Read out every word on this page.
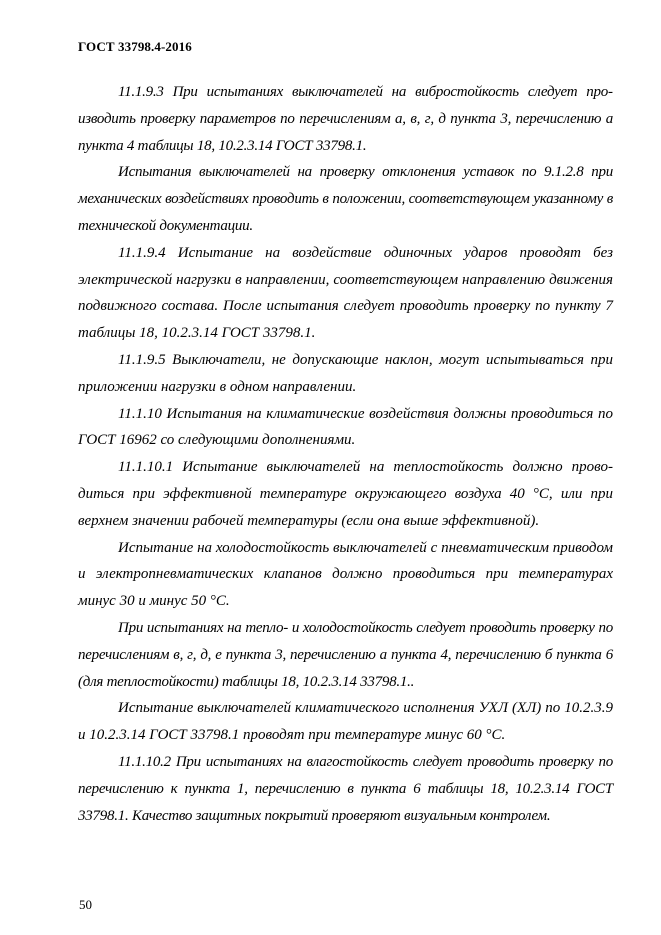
ГОСТ 33798.4-2016

11.1.9.3 При испытаниях выключателей на вибростойкость следует производить проверку параметров по перечислениям а, в, г, д пункта 3, перечислению а пункта 4 таблицы 18, 10.2.3.14 ГОСТ 33798.1.

Испытания выключателей на проверку отклонения уставок по 9.1.2.8 при механических воздействиях проводить в положении, соответствующем указанному в технической документации.

11.1.9.4 Испытание на воздействие одиночных ударов проводят без электрической нагрузки в направлении, соответствующем направлению движения подвижного состава. После испытания следует проводить проверку по пункту 7 таблицы 18, 10.2.3.14 ГОСТ 33798.1.

11.1.9.5 Выключатели, не допускающие наклон, могут испытываться при приложении нагрузки в одном направлении.

11.1.10 Испытания на климатические воздействия должны проводиться по ГОСТ 16962 со следующими дополнениями.

11.1.10.1 Испытание выключателей на теплостойкость должно проводиться при эффективной температуре окружающего воздуха 40 °С, или при верхнем значении рабочей температуры (если она выше эффективной).

Испытание на холодостойкость выключателей с пневматическим приводом и электропневматических клапанов должно проводиться при температурах минус 30 и минус 50 °С.

При испытаниях на тепло- и холодостойкость следует проводить проверку по перечислениям в, г, д, е пункта 3, перечислению а пункта 4, перечислению б пункта 6 (для теплостойкости) таблицы 18, 10.2.3.14 33798.1..

Испытание выключателей климатического исполнения УХЛ (ХЛ) по 10.2.3.9 и 10.2.3.14 ГОСТ 33798.1 проводят при температуре минус 60 °С.

11.1.10.2 При испытаниях на влагостойкость следует проводить проверку по перечислению к пункта 1, перечислению в пункта 6 таблицы 18, 10.2.3.14 ГОСТ 33798.1. Качество защитных покрытий проверяют визуальным контролем.

50
